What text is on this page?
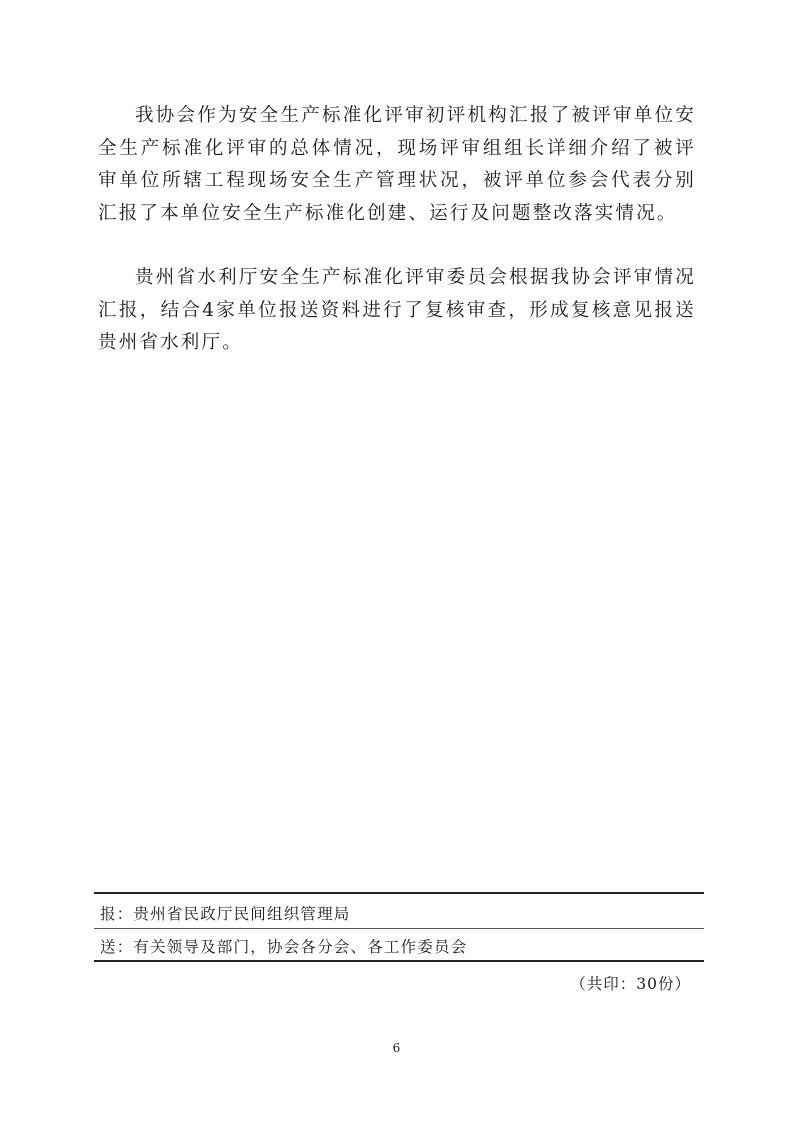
我协会作为安全生产标准化评审初评机构汇报了被评审单位安全生产标准化评审的总体情况，现场评审组组长详细介绍了被评审单位所辖工程现场安全生产管理状况，被评单位参会代表分别汇报了本单位安全生产标准化创建、运行及问题整改落实情况。

贵州省水利厅安全生产标准化评审委员会根据我协会评审情况汇报，结合4家单位报送资料进行了复核审查，形成复核意见报送贵州省水利厅。

报：贵州省民政厅民间组织管理局

送：有关领导及部门，协会各分会、各工作委员会

（共印：30份）

6
